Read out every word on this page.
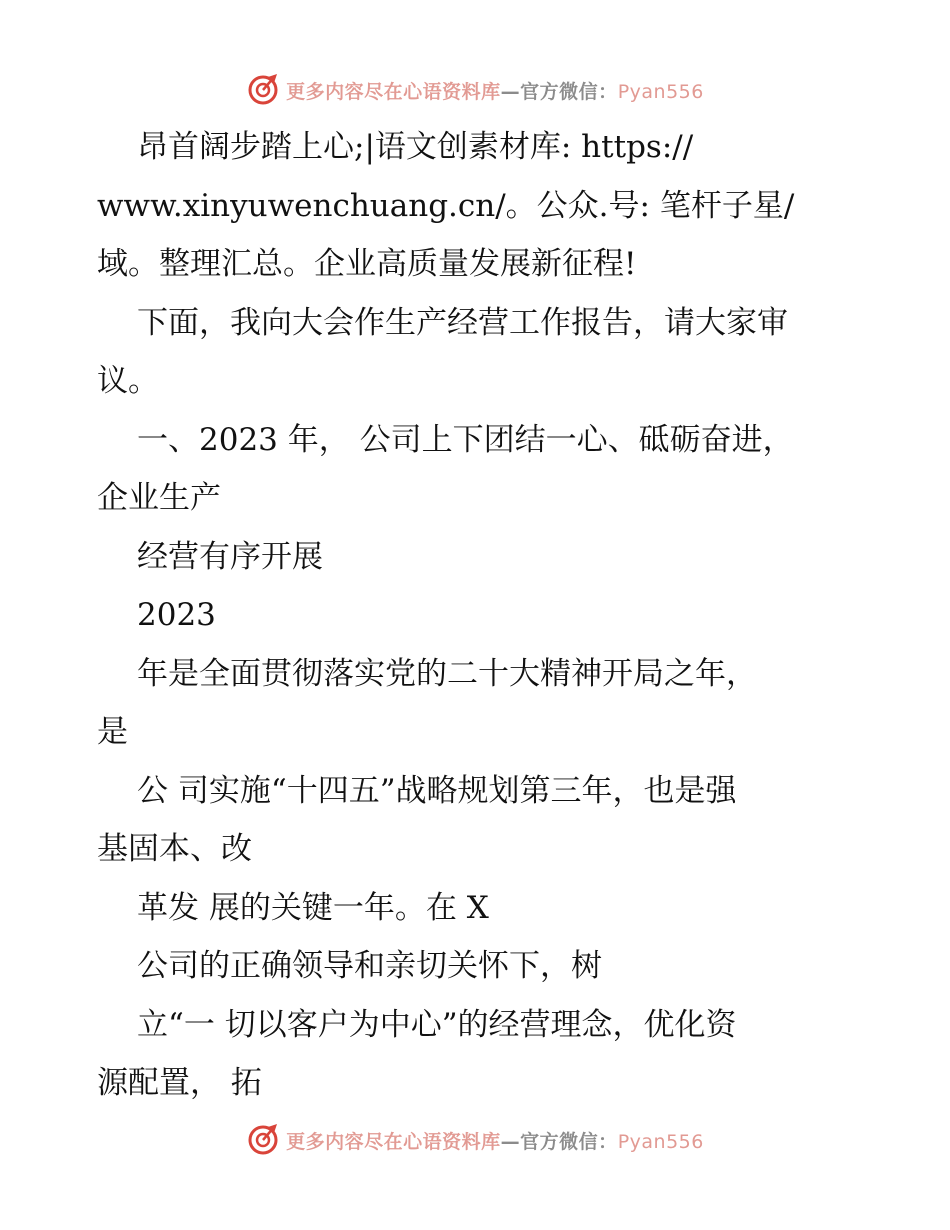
更多内容尽在心语资料库—官方微信：Pyan556
昂首阔步踏上心;|语文创素材库: https://
www.xinyuwenchuang.cn/。公众.号: 笔杆子星/
域。整理汇总。企业高质量发展新征程!
下面，我向大会作生产经营工作报告，请大家审
议。
一、2023 年， 公司上下团结一心、砥砺奋进，
企业生产
经营有序开展
2023
年是全面贯彻落实党的二十大精神开局之年，
是
公 司实施“十四五”战略规划第三年，也是强
基固本、改
革发 展的关键一年。在 X
公司的正确领导和亲切关怀下，树
立“一 切以客户为中心”的经营理念，优化资
源配置， 拓
更多内容尽在心语资料库—官方微信：Pyan556
